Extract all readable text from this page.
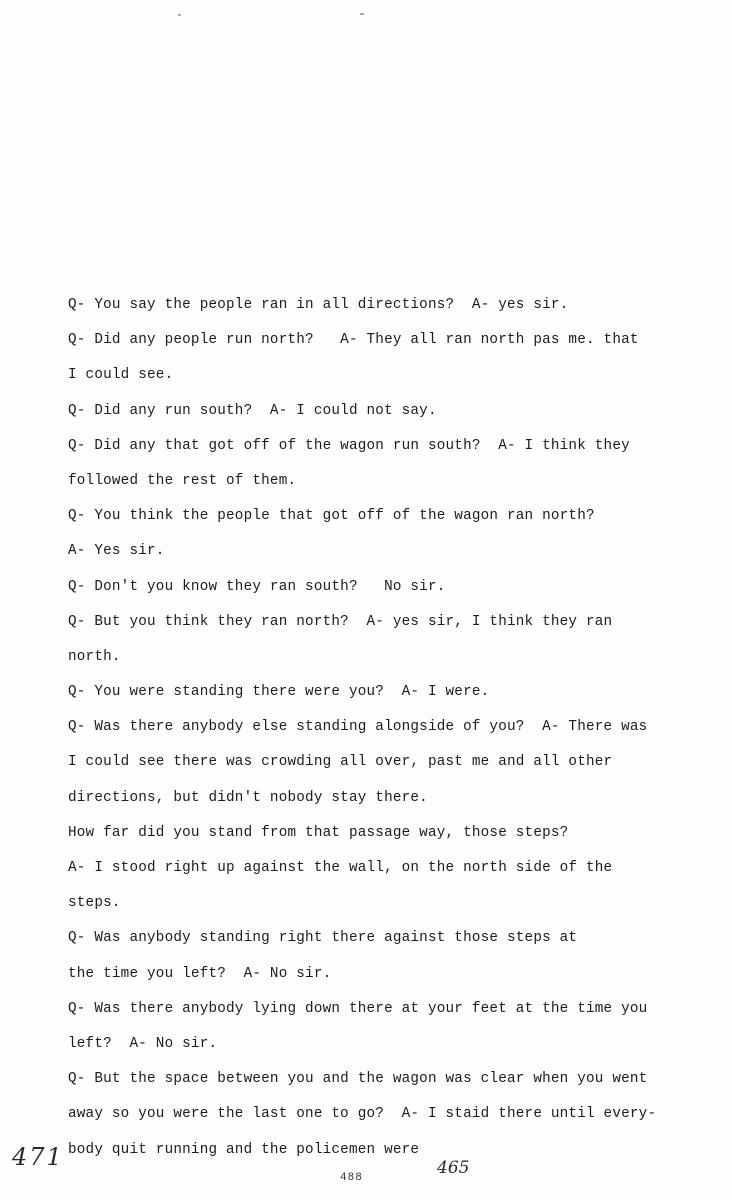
Q- You say the people ran in all directions?  A- yes sir.
Q- Did any people run north?   A- They all ran north pas me. that
I could see.
Q- Did any run south?  A- I could not say.
Q- Did any that got off of the wagon run south?  A- I think they
followed the rest of them.
Q- You think the people that got off of the wagon ran north?
A- Yes sir.
Q- Don't you know they ran south?   No sir.
Q- But you think they ran north?  A- yes sir, I think they ran
north.
Q- You were standing there were you?  A- I were.
Q- Was there anybody else standing alongside of you?  A- There was
I could see there was crowding all over, past me and all other
directions, but didn't nobody stay there.
How far did you stand from that passage way, those steps?
A- I stood right up against the wall, on the north side of the
steps.
Q- Was anybody standing right there against those steps at
the time you left?  A- No sir.
Q- Was there anybody lying down there at your feet at the time you
left?  A- No sir.
Q- But the space between you and the wagon was clear when you went
away so you were the last one to go?  A- I staid there until every-
body quit running and the policemen were
471	465
488
